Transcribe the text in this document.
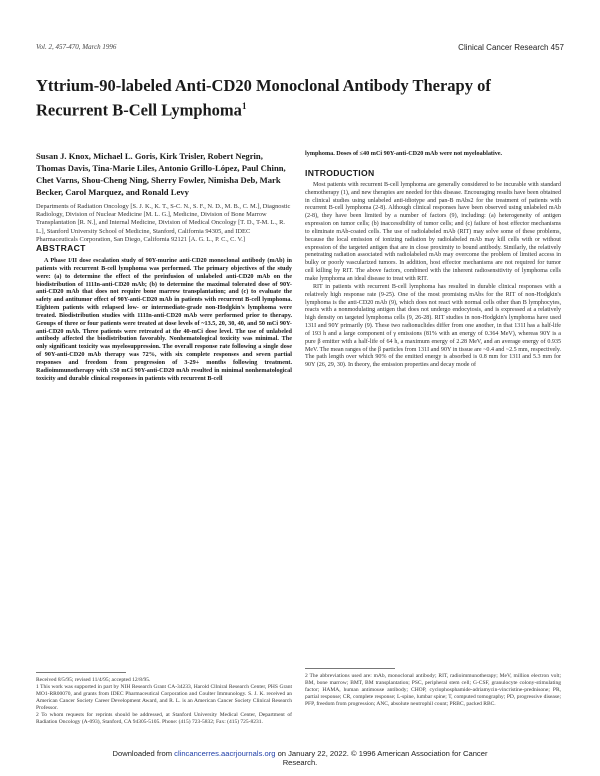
Vol. 2, 457-470, March 1996	Clinical Cancer Research 457
Yttrium-90-labeled Anti-CD20 Monoclonal Antibody Therapy of Recurrent B-Cell Lymphoma$^1$

Susan J. Knox, Michael L. Goris, Kirk Trisler, Robert Negrin, Thomas Davis, Tina-Marie Liles, Antonio Grillo-López, Paul Chinn, Chet Varns, Shou-Cheng Ning, Sherry Fowler, Nimisha Deb, Mark Becker, Carol Marquez, and Ronald Levy

Departments of Radiation Oncology [S. J. K., K. T., S-C. N., S. F., N. D., M. B., C. M.], Diagnostic Radiology, Division of Nuclear Medicine [M. L. G.], Medicine, Division of Bone Marrow Transplantation [R. N.], and Internal Medicine, Division of Medical Oncology [T. D., T-M. L., R. L.], Stanford University School of Medicine, Stanford, California 94305, and IDEC Pharmaceuticals Corporation, San Diego, California 92121 [A. G. L., P. C., C. V.]

ABSTRACT

A Phase I/II dose escalation study of 90Y-murine anti-CD20 monoclonal antibody (mAb) in patients with recurrent B-cell lymphoma was performed. The primary objectives of the study were: (a) to determine the effect of the preinfusion of unlabeled anti-CD20 mAb on the biodistribution of 111In-anti-CD20 mAb; (b) to determine the maximal tolerated dose of 90Y-anti-CD20 mAb that does not require bone marrow transplantation; and (c) to evaluate the safety and antitumor effect of 90Y-anti-CD20 mAb in patients with recurrent B-cell lymphoma. Eighteen patients with relapsed low- or intermediate-grade non-Hodgkin's lymphoma were treated. Biodistribution studies with 111In-anti-CD20 mAb were performed prior to therapy. Groups of three or four patients were treated at dose levels of ~13.5, 20, 30, 40, and 50 mCi 90Y-anti-CD20 mAb. Three patients were retreated at the 40-mCi dose level. The use of unlabeled antibody affected the biodistribution favorably. Nonhematological toxicity was minimal. The only significant toxicity was myelosuppression. The overall response rate following a single dose of 90Y-anti-CD20 mAb therapy was 72%, with six complete responses and seven partial responses and freedom from progression of 3-29+ months following treatment. Radioimmunotherapy with ≤50 mCi 90Y-anti-CD20 mAb resulted in minimal nonhematological toxicity and durable clinical responses in patients with recurrent B-cell

lymphoma. Doses of ≤40 mCi 90Y-anti-CD20 mAb were not myeloablative.

INTRODUCTION

Most patients with recurrent B-cell lymphoma are generally considered to be incurable with standard chemotherapy (1), and new therapies are needed for this disease. Encouraging results have been obtained in clinical studies using unlabeled anti-idiotype and pan-B mAbs2 for the treatment of patients with recurrent B-cell lymphoma (2-8). Although clinical responses have been observed using unlabeled mAb (2-8), they have been limited by a number of factors (9), including: (a) heterogeneity of antigen expression on tumor cells; (b) inaccessibility of tumor cells; and (c) failure of host effector mechanisms to eliminate mAb-coated cells. The use of radiolabeled mAb (RIT) may solve some of these problems, because the local emission of ionizing radiation by radiolabeled mAb may kill cells with or without expression of the targeted antigen that are in close proximity to bound antibody. Similarly, the relatively penetrating radiation associated with radiolabeled mAb may overcome the problem of limited access in bulky or poorly vascularized tumors. In addition, host effector mechanisms are not required for tumor cell killing by RIT. The above factors, combined with the inherent radiosensitivity of lymphoma cells make lymphoma an ideal disease to treat with RIT.

RIT in patients with recurrent B-cell lymphoma has resulted in durable clinical responses with a relatively high response rate (9-25). One of the most promising mAbs for the RIT of non-Hodgkin's lymphoma is the anti-CD20 mAb (9), which does not react with normal cells other than B lymphocytes, reacts with a nonmodulating antigen that does not undergo endocytosis, and is expressed at a relatively high density on targeted lymphoma cells (9, 26-28). RIT studies in non-Hodgkin's lymphoma have used 131I and 90Y primarily (9). These two radionuclides differ from one another, in that 131I has a half-life of 193 h and a large component of γ emissions (81% with an energy of 0.364 MeV), whereas 90Y is a pure β emitter with a half-life of 64 h, a maximum energy of 2.28 MeV, and an average energy of 0.935 MeV. The mean ranges of the β particles from 131I and 90Y in tissue are ~0.4 and ~2.5 mm, respectively. The path length over which 90% of the emitted energy is absorbed is 0.8 mm for 131I and 5.3 mm for 90Y (26, 29, 30). In theory, the emission properties and decay mode of

Received 8/5/95; revised 11/4/95; accepted 12/8/95.

1 This work was supported in part by NIH Research Grant CA-34233, Harold Cllniral Research Center, PHS Grant MO1-RR00070, and grants from IDEC Pharmaceutical Corporation and Coulter Immunology. S. J. K. received an American Cancer Society Career Development Award, and R. L. is an American Cancer Society Clinical Research Professor.

2 To whom requests for reprints should be addressed, at Stanford University Medical Center, Department of Radiation Oncology (A-093), Stanford, CA 94305-5105. Phone: (415) 723-5832; Fax: (415) 725-8231.

2 The abbreviations used are: mAb, monoclonal antibody; RIT, radioimmunotherapy; MeV, million electron volt; BM, bone marrow; BMT, BM transplantation; PSC, peripheral stem cell; G-CSF, granulocyte colony-stimulating factor; HAMA, human antimouse antibody; CHOP, cyclophosphamide-adriamycin-vincristine-prednisone; PR, partial response; CR, complete response; L-spine, lumbar spine; T, computed tomography; PD, progressive disease; PFP, freedom from progression; ANC, absolute neutrophil count; PRBC, packed RBC.

Downloaded from clincancerres.aacrjournals.org on January 22, 2022. © 1996 American Association for Cancer
Research.
